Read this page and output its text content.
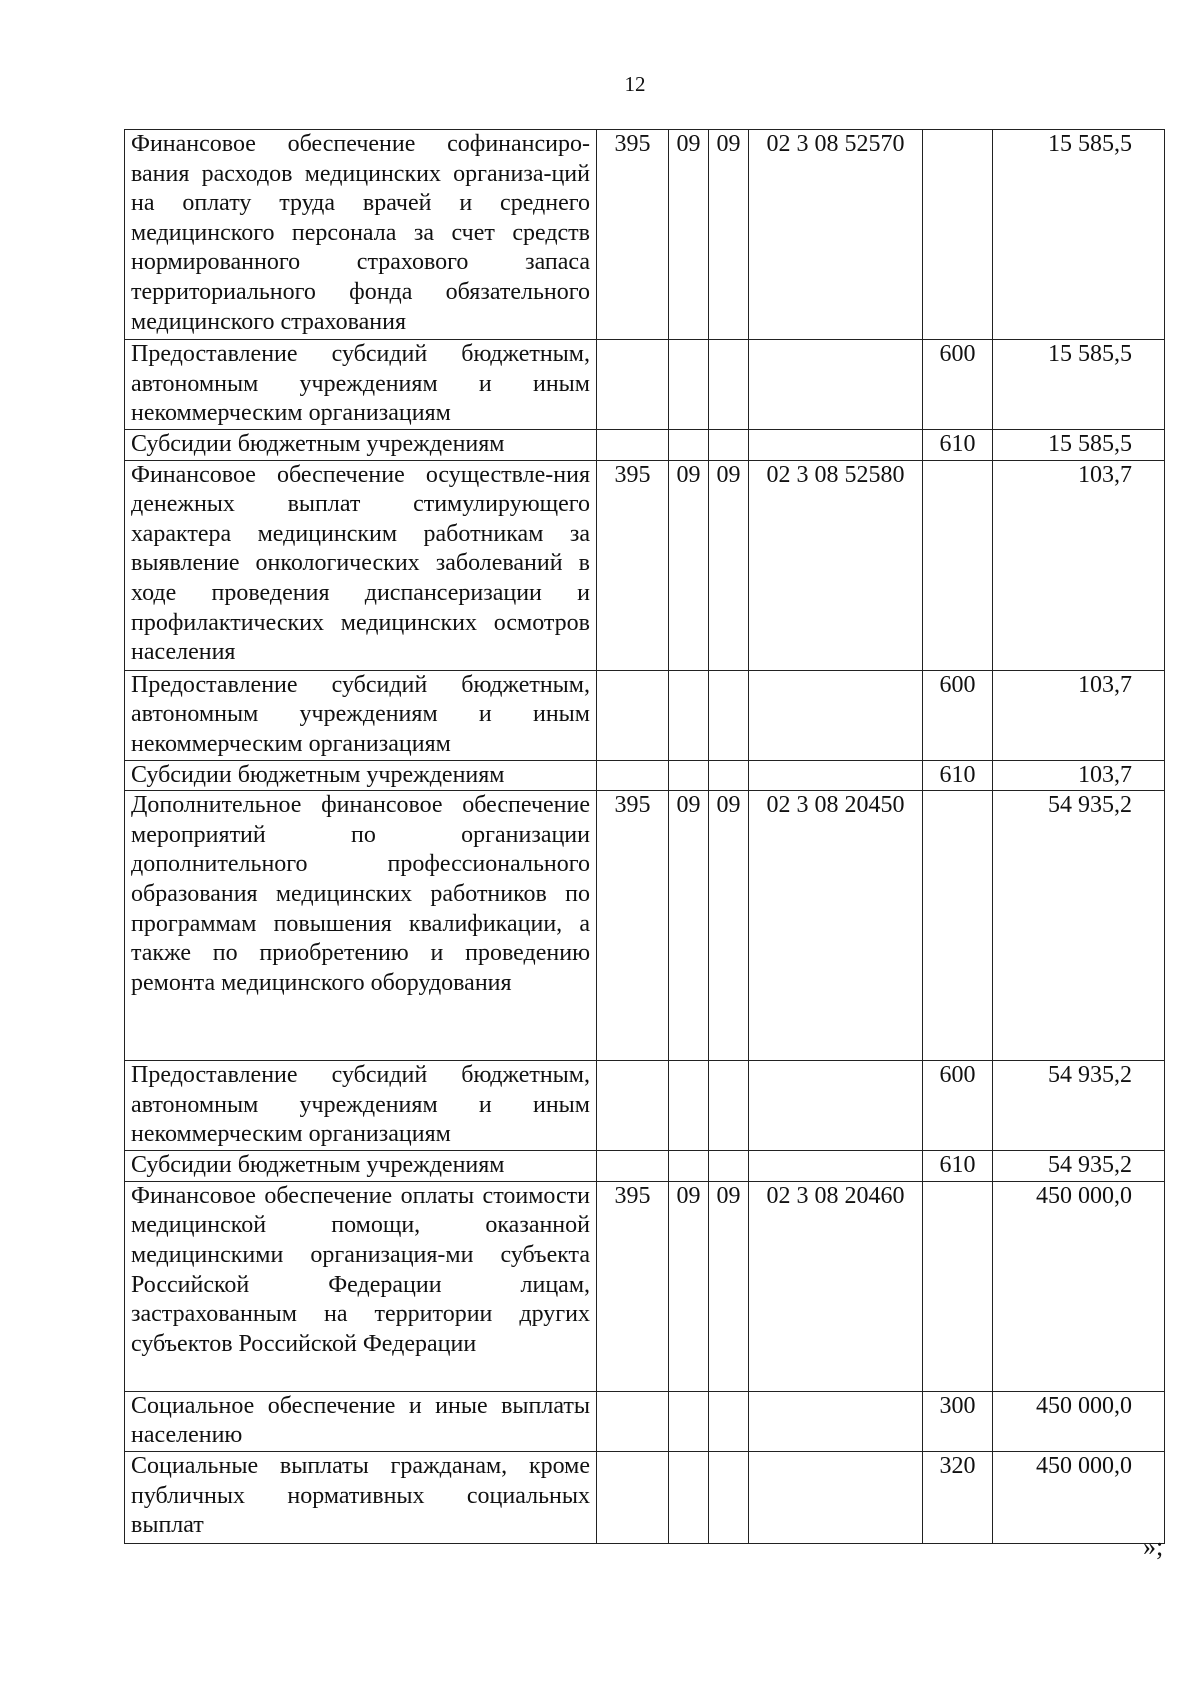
12
Финансовое обеспечение софинансиро-вания расходов медицинских организа-ций на оплату труда врачей и среднего медицинского персонала за счет средств нормированного страхового запаса территориального фонда обязательного медицинского страхования	395	09	09	02 3 08 52570		15 585,5
Предоставление субсидий бюджетным, автономным учреждениям и иным некоммерческим организациям					600	15 585,5
Субсидии бюджетным учреждениям					610	15 585,5
Финансовое обеспечение осуществле-ния денежных выплат стимулирующего характера медицинским работникам за выявление онкологических заболеваний в ходе проведения диспансеризации и профилактических медицинских осмотров населения	395	09	09	02 3 08 52580		103,7
Предоставление субсидий бюджетным, автономным учреждениям и иным некоммерческим организациям					600	103,7
Субсидии бюджетным учреждениям					610	103,7
Дополнительное финансовое обеспечение мероприятий по организации дополнительного профессионального образования медицинских работников по программам повышения квалификации, а также по приобретению и проведению ремонта медицинского оборудования	395	09	09	02 3 08 20450		54 935,2
Предоставление субсидий бюджетным, автономным учреждениям и иным некоммерческим организациям					600	54 935,2
Субсидии бюджетным учреждениям					610	54 935,2
Финансовое обеспечение оплаты стоимости медицинской помощи, оказанной медицинскими организация-ми субъекта Российской Федерации лицам, застрахованным на территории других субъектов Российской Федерации	395	09	09	02 3 08 20460		450 000,0
Социальное обеспечение и иные выплаты населению					300	450 000,0
Социальные выплаты гражданам, кроме публичных нормативных социальных выплат					320	450 000,0
»;
